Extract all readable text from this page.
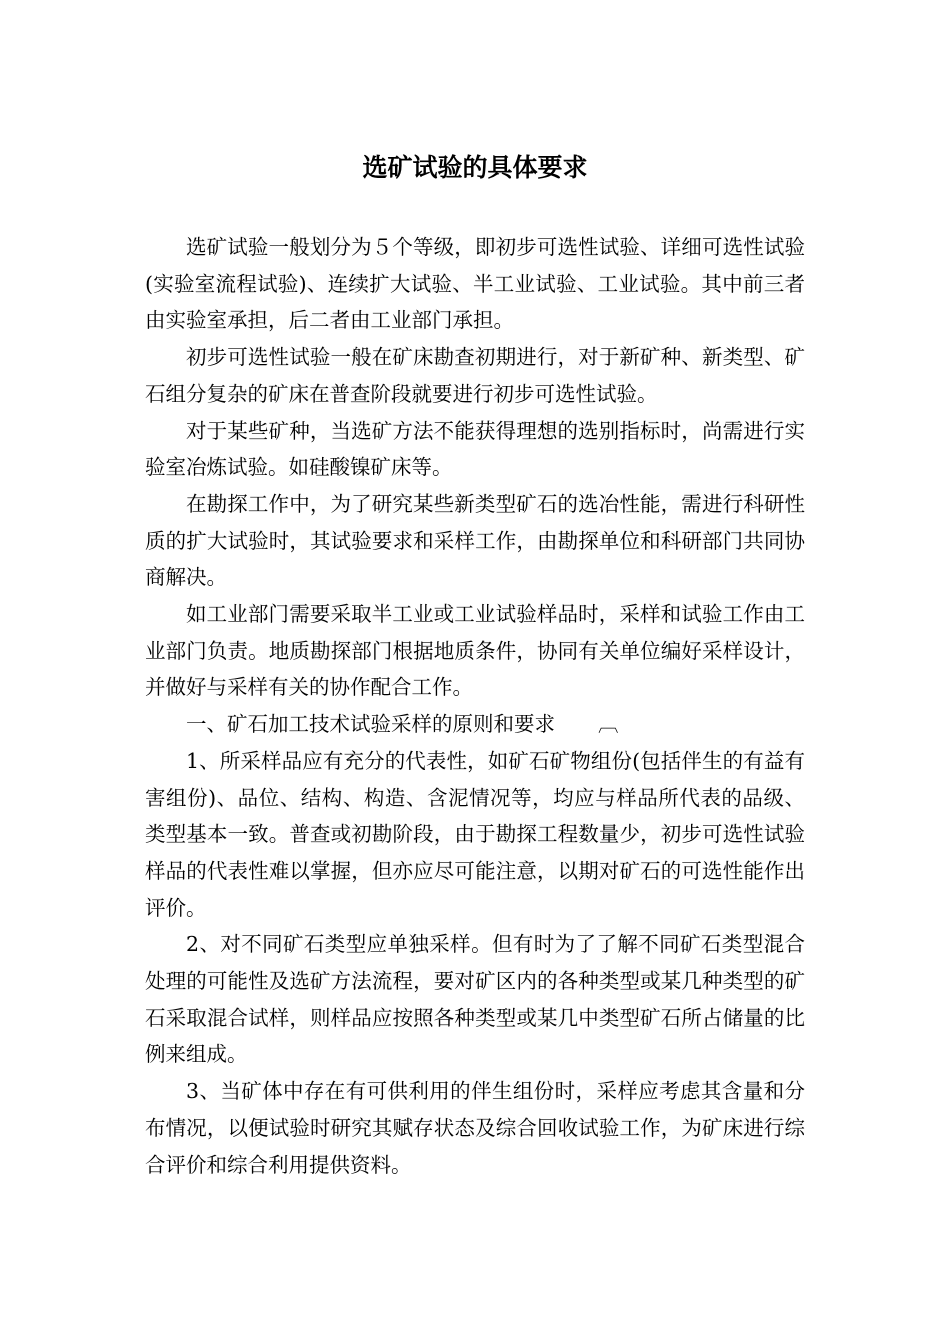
选矿试验的具体要求

选矿试验一般划分为５个等级，即初步可选性试验、详细可选性试验(实验室流程试验)、连续扩大试验、半工业试验、工业试验。其中前三者由实验室承担，后二者由工业部门承担。

初步可选性试验一般在矿床勘查初期进行，对于新矿种、新类型、矿石组分复杂的矿床在普查阶段就要进行初步可选性试验。

对于某些矿种，当选矿方法不能获得理想的选别指标时，尚需进行实验室冶炼试验。如硅酸镍矿床等。

在勘探工作中，为了研究某些新类型矿石的选冶性能，需进行科研性质的扩大试验时，其试验要求和采样工作，由勘探单位和科研部门共同协商解决。

如工业部门需要采取半工业或工业试验样品时，采样和试验工作由工业部门负责。地质勘探部门根据地质条件，协同有关单位编好采样设计，并做好与采样有关的协作配合工作。

一、矿石加工技术试验采样的原则和要求 ︹

1、所采样品应有充分的代表性，如矿石矿物组份(包括伴生的有益有害组份)、品位、结构、构造、含泥情况等，均应与样品所代表的品级、类型基本一致。普查或初勘阶段，由于勘探工程数量少，初步可选性试验样品的代表性难以掌握，但亦应尽可能注意，以期对矿石的可选性能作出评价。

2、对不同矿石类型应单独采样。但有时为了了解不同矿石类型混合处理的可能性及选矿方法流程，要对矿区内的各种类型或某几种类型的矿石采取混合试样，则样品应按照各种类型或某几中类型矿石所占储量的比例来组成。

3、当矿体中存在有可供利用的伴生组份时，采样应考虑其含量和分布情况，以便试验时研究其赋存状态及综合回收试验工作，为矿床进行综合评价和综合利用提供资料。
